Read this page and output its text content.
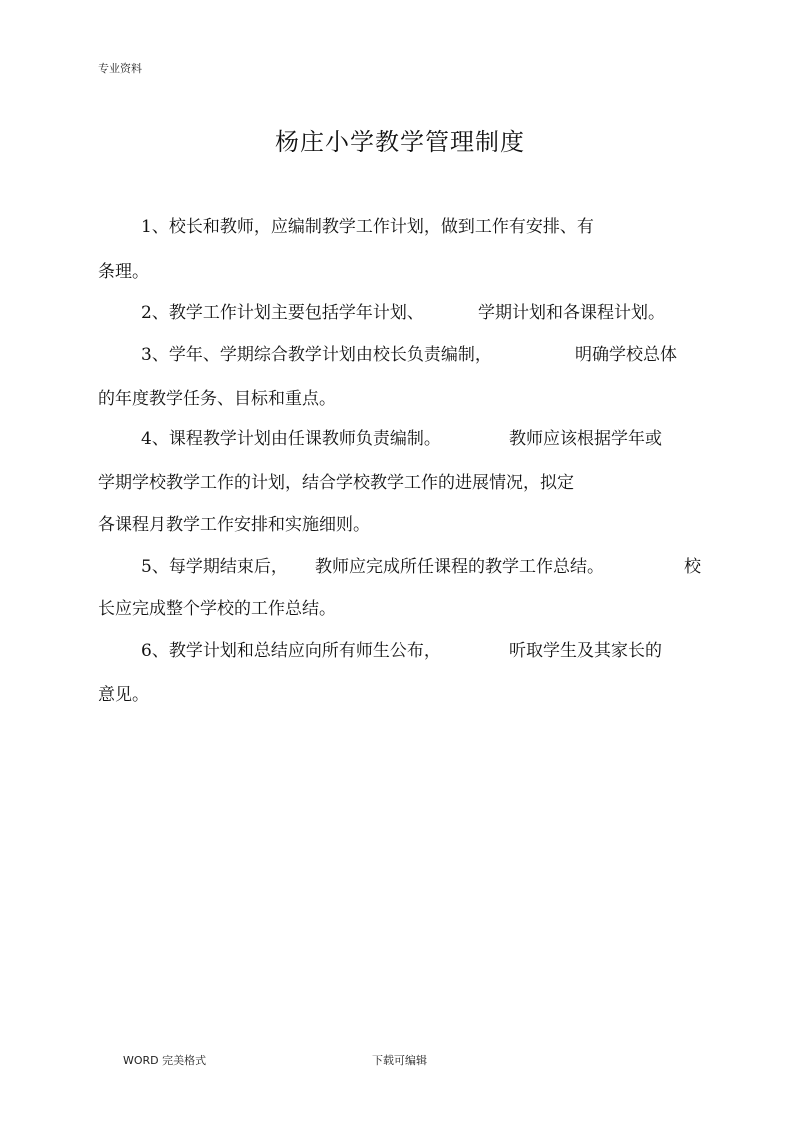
专业资料
杨庄小学教学管理制度
1、校长和教师，应编制教学工作计划，做到工作有安排、有
条理。
2、教学工作计划主要包括学年计划、	学期计划和各课程计划。
3、学年、学期综合教学计划由校长负责编制，	明确学校总体
的年度教学任务、目标和重点。
4、课程教学计划由任课教师负责编制。	教师应该根据学年或
学期学校教学工作的计划，结合学校教学工作的进展情况，拟定
各课程月教学工作安排和实施细则。
5、每学期结束后， 教师应完成所任课程的教学工作总结。	校
长应完成整个学校的工作总结。
6、教学计划和总结应向所有师生公布，	听取学生及其家长的
意见。
WORD 完美格式	下载可编辑
